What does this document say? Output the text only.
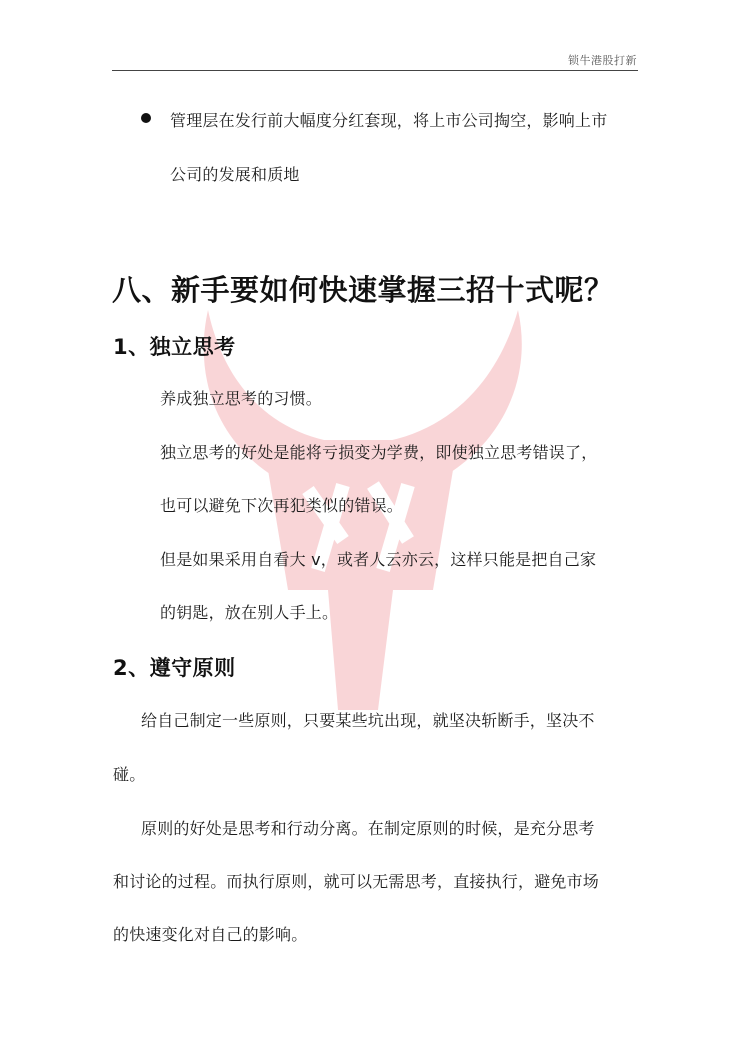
锁牛港股打新
管理层在发行前大幅度分红套现，将上市公司掏空，影响上市
公司的发展和质地
八、新手要如何快速掌握三招十式呢？
1、独立思考
养成独立思考的习惯。
独立思考的好处是能将亏损变为学费，即使独立思考错误了，
也可以避免下次再犯类似的错误。
但是如果采用自看大 v，或者人云亦云，这样只能是把自己家
的钥匙，放在别人手上。
2、遵守原则
给自己制定一些原则，只要某些坑出现，就坚决斩断手，坚决不
碰。
原则的好处是思考和行动分离。在制定原则的时候，是充分思考
和讨论的过程。而执行原则，就可以无需思考，直接执行，避免市场
的快速变化对自己的影响。
